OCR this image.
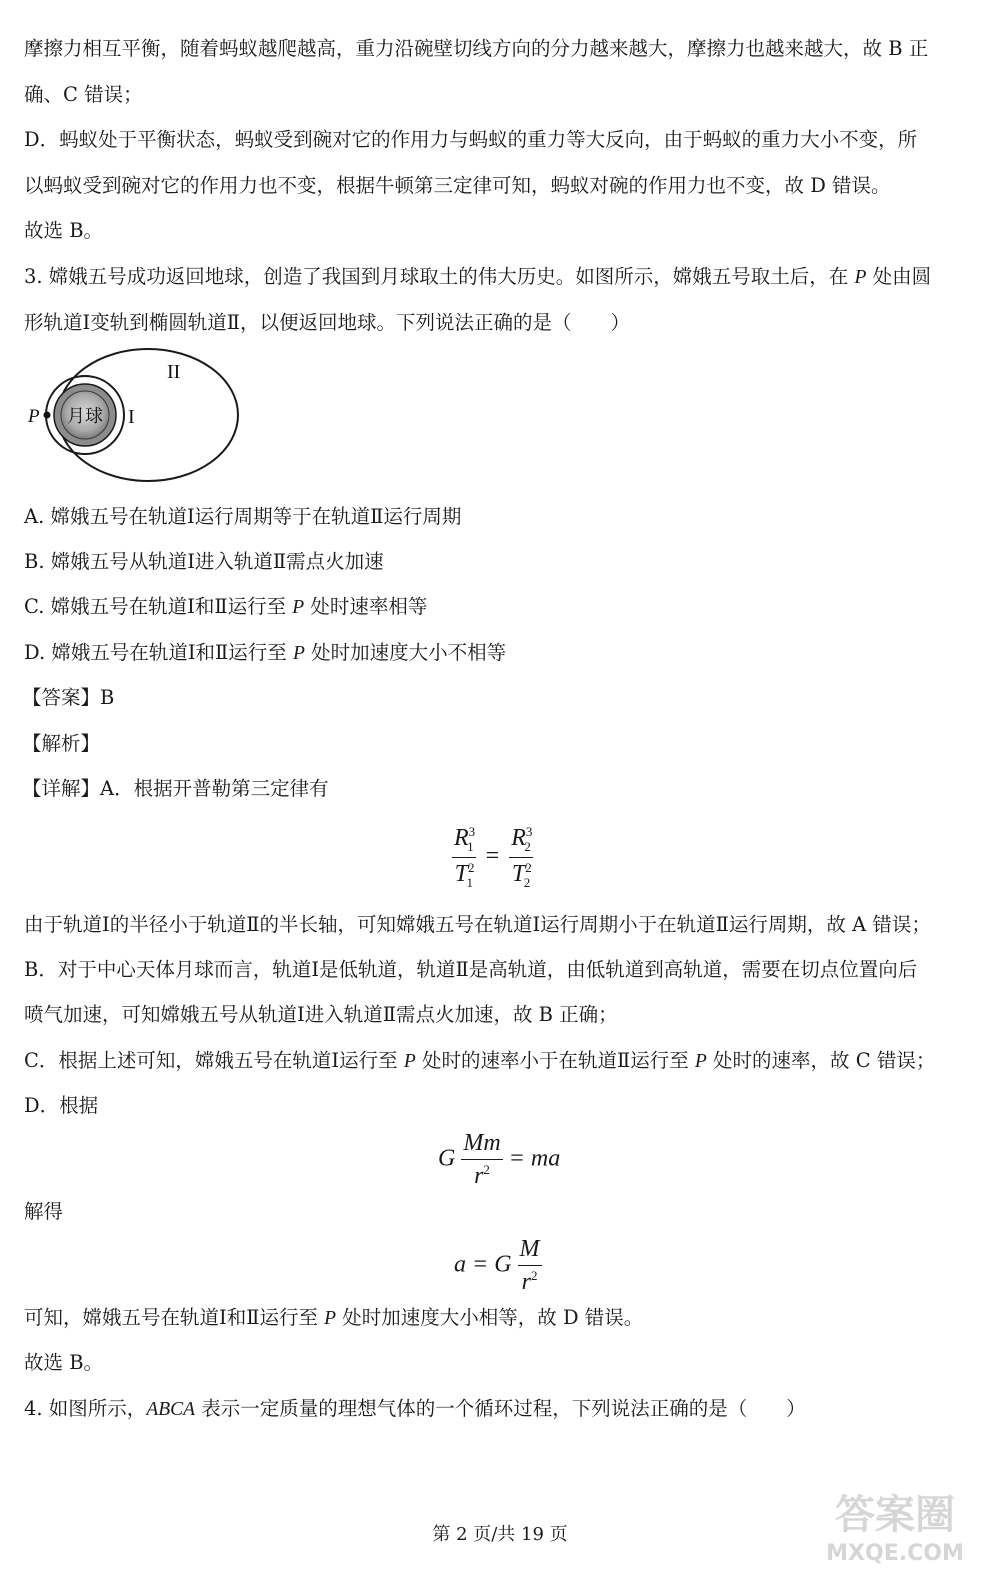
摩擦力相互平衡，随着蚂蚁越爬越高，重力沿碗壁切线方向的分力越来越大，摩擦力也越来越大，故 B 正
确、C 错误；
D．蚂蚁处于平衡状态，蚂蚁受到碗对它的作用力与蚂蚁的重力等大反向，由于蚂蚁的重力大小不变，所
以蚂蚁受到碗对它的作用力也不变，根据牛顿第三定律可知，蚂蚁对碗的作用力也不变，故 D 错误。
故选 B。
3. 嫦娥五号成功返回地球，创造了我国到月球取土的伟大历史。如图所示，嫦娥五号取土后，在 P 处由圆
形轨道Ⅰ变轨到椭圆轨道Ⅱ，以便返回地球。下列说法正确的是（　　）
月球
P	I
II
A. 嫦娥五号在轨道Ⅰ运行周期等于在轨道Ⅱ运行周期
B. 嫦娥五号从轨道Ⅰ进入轨道Ⅱ需点火加速
C. 嫦娥五号在轨道Ⅰ和Ⅱ运行至 P 处时速率相等
D. 嫦娥五号在轨道Ⅰ和Ⅱ运行至 P 处时加速度大小不相等
【答案】B
【解析】
【详解】A．根据开普勒第三定律有
$\frac{R^3_1}{T^2_1} = \frac{R^3_2}{T^2_2}$
由于轨道Ⅰ的半径小于轨道Ⅱ的半长轴，可知嫦娥五号在轨道Ⅰ运行周期小于在轨道Ⅱ运行周期，故 A 错误；
B．对于中心天体月球而言，轨道Ⅰ是低轨道，轨道Ⅱ是高轨道，由低轨道到高轨道，需要在切点位置向后
喷气加速，可知嫦娥五号从轨道Ⅰ进入轨道Ⅱ需点火加速，故 B 正确；
C．根据上述可知，嫦娥五号在轨道Ⅰ运行至 P 处时的速率小于在轨道Ⅱ运行至 P 处时的速率，故 C 错误；
D．根据
G $\frac{Mm}{r^2}$ = ma
解得
a = G $\frac{M}{r^2}$
可知，嫦娥五号在轨道Ⅰ和Ⅱ运行至 P 处时加速度大小相等，故 D 错误。
故选 B。
4. 如图所示，ABCA 表示一定质量的理想气体的一个循环过程，下列说法正确的是（　　）
第 2 页/共 19 页	答案圈
MXQE.COM
